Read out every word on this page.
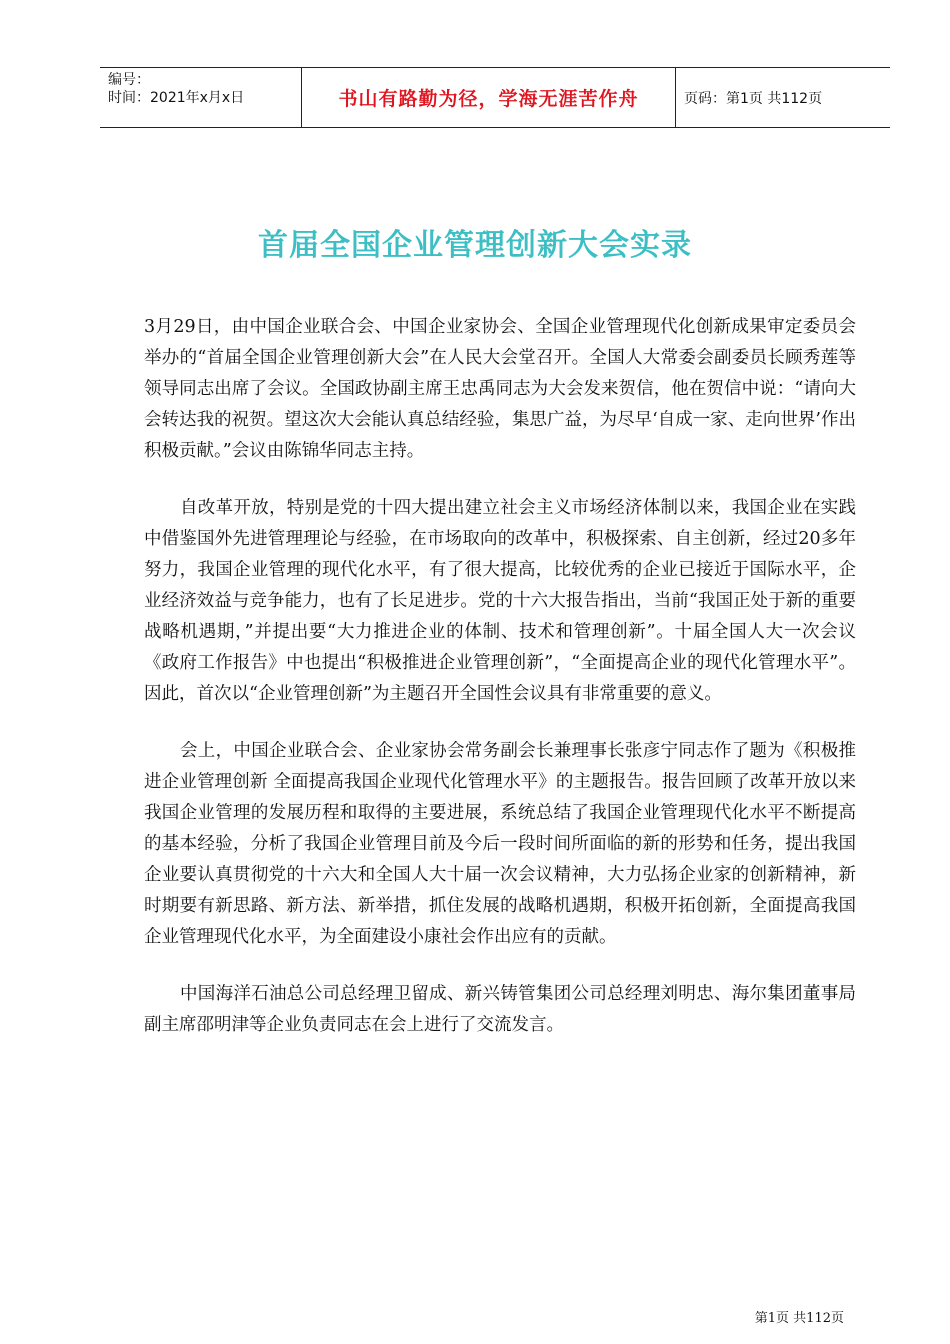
编号：
时间：2021年x月x日	书山有路勤为径，学海无涯苦作舟	页码：第1页 共112页
首届全国企业管理创新大会实录

3月29日，由中国企业联合会、中国企业家协会、全国企业管理现代化创新成果审定委员会举办的“首届全国企业管理创新大会”在人民大会堂召开。全国人大常委会副委员长顾秀莲等领导同志出席了会议。全国政协副主席王忠禹同志为大会发来贺信，他在贺信中说：“请向大会转达我的祝贺。望这次大会能认真总结经验，集思广益，为尽早‘自成一家、走向世界’作出积极贡献。”会议由陈锦华同志主持。

自改革开放，特别是党的十四大提出建立社会主义市场经济体制以来，我国企业在实践中借鉴国外先进管理理论与经验，在市场取向的改革中，积极探索、自主创新，经过20多年努力，我国企业管理的现代化水平，有了很大提高，比较优秀的企业已接近于国际水平，企业经济效益与竞争能力，也有了长足进步。党的十六大报告指出，当前“我国正处于新的重要战略机遇期，”并提出要“大力推进企业的体制、技术和管理创新”。十届全国人大一次会议《政府工作报告》中也提出“积极推进企业管理创新”，“全面提高企业的现代化管理水平”。因此，首次以“企业管理创新”为主题召开全国性会议具有非常重要的意义。

会上，中国企业联合会、企业家协会常务副会长兼理事长张彦宁同志作了题为《积极推进企业管理创新 全面提高我国企业现代化管理水平》的主题报告。报告回顾了改革开放以来我国企业管理的发展历程和取得的主要进展，系统总结了我国企业管理现代化水平不断提高的基本经验，分析了我国企业管理目前及今后一段时间所面临的新的形势和任务，提出我国企业要认真贯彻党的十六大和全国人大十届一次会议精神，大力弘扬企业家的创新精神，新时期要有新思路、新方法、新举措，抓住发展的战略机遇期，积极开拓创新，全面提高我国企业管理现代化水平，为全面建设小康社会作出应有的贡献。

中国海洋石油总公司总经理卫留成、新兴铸管集团公司总经理刘明忠、海尔集团董事局副主席邵明津等企业负责同志在会上进行了交流发言。

第1页 共112页
